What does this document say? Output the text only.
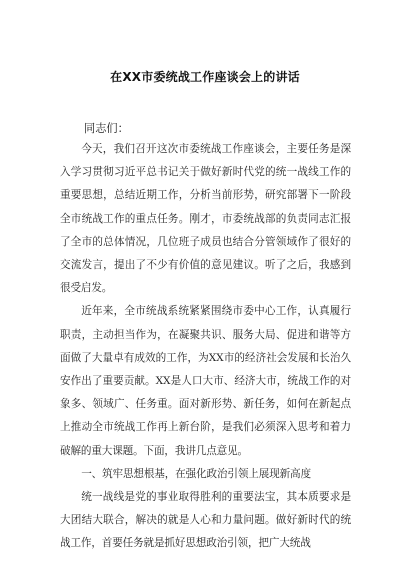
在XX市委统战工作座谈会上的讲话
同志们：

今天，我们召开这次市委统战工作座谈会，主要任务是深入学习贯彻习近平总书记关于做好新时代党的统一战线工作的重要思想，总结近期工作，分析当前形势，研究部署下一阶段全市统战工作的重点任务。刚才，市委统战部的负责同志汇报了全市的总体情况，几位班子成员也结合分管领域作了很好的交流发言，提出了不少有价值的意见建议。听了之后，我感到很受启发。

近年来，全市统战系统紧紧围绕市委中心工作，认真履行职责，主动担当作为，在凝聚共识、服务大局、促进和谐等方面做了大量卓有成效的工作，为XX市的经济社会发展和长治久安作出了重要贡献。XX是人口大市、经济大市，统战工作的对象多、领域广、任务重。面对新形势、新任务，如何在新起点上推动全市统战工作再上新台阶，是我们必须深入思考和着力破解的重大课题。下面，我讲几点意见。

一、筑牢思想根基，在强化政治引领上展现新高度

统一战线是党的事业取得胜利的重要法宝，其本质要求是大团结大联合，解决的就是人心和力量问题。做好新时代的统战工作，首要任务就是抓好思想政治引领，把广大统战
